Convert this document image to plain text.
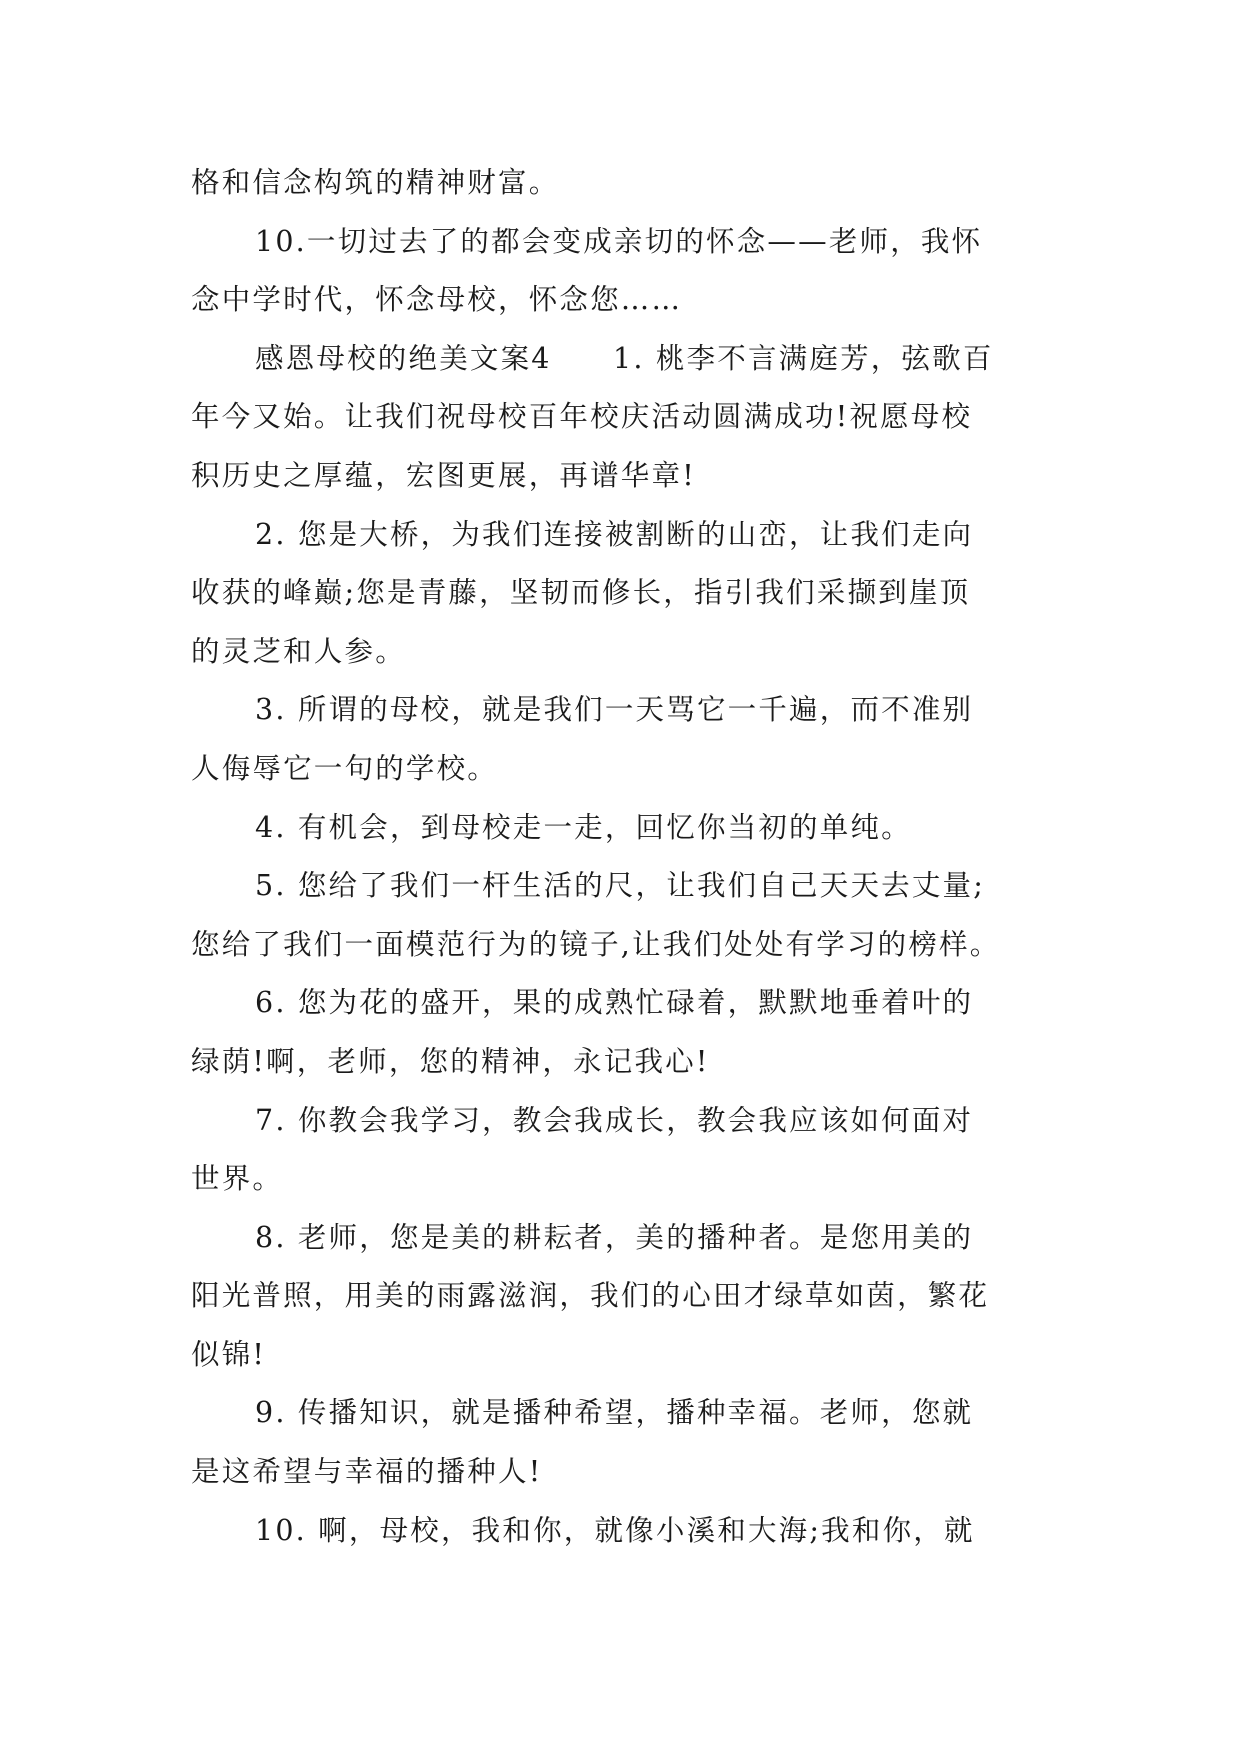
格和信念构筑的精神财富。
10.一切过去了的都会变成亲切的怀念——老师，我怀
念中学时代，怀念母校，怀念您……
感恩母校的绝美文案4　　1. 桃李不言满庭芳，弦歌百
年今又始。让我们祝母校百年校庆活动圆满成功!祝愿母校
积历史之厚蕴，宏图更展，再谱华章!
2. 您是大桥，为我们连接被割断的山峦，让我们走向
收获的峰巅;您是青藤，坚韧而修长，指引我们采撷到崖顶
的灵芝和人参。
3. 所谓的母校，就是我们一天骂它一千遍，而不准别
人侮辱它一句的学校。
4. 有机会，到母校走一走，回忆你当初的单纯。
5. 您给了我们一杆生活的尺，让我们自己天天去丈量;
您给了我们一面模范行为的镜子,让我们处处有学习的榜样。
6. 您为花的盛开，果的成熟忙碌着，默默地垂着叶的
绿荫!啊，老师，您的精神，永记我心!
7. 你教会我学习，教会我成长，教会我应该如何面对
世界。
8. 老师，您是美的耕耘者，美的播种者。是您用美的
阳光普照，用美的雨露滋润，我们的心田才绿草如茵，繁花
似锦!
9. 传播知识，就是播种希望，播种幸福。老师，您就
是这希望与幸福的播种人!
10. 啊，母校，我和你，就像小溪和大海;我和你，就
